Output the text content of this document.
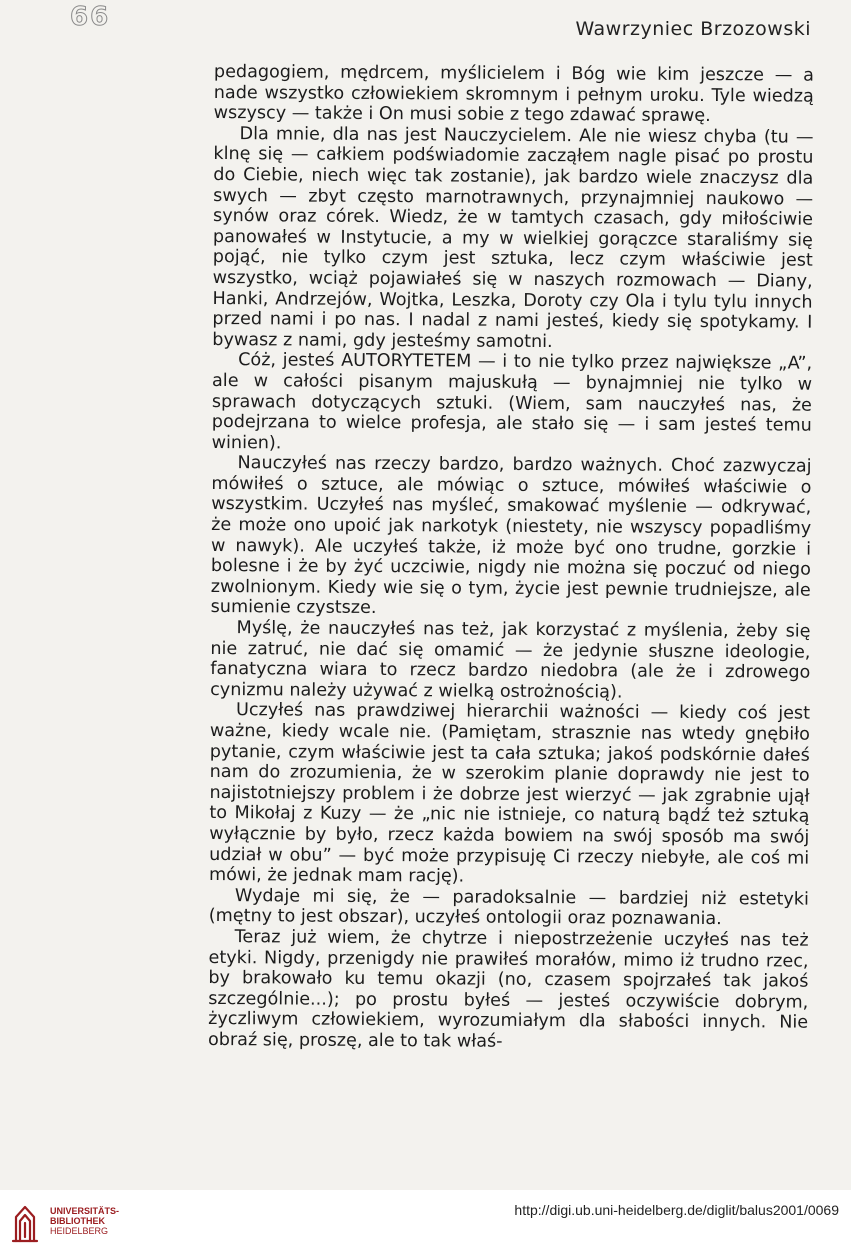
66	Wawrzyniec Brzozowski

pedagogiem, mędrcem, myślicielem i Bóg wie kim jeszcze — a nade wszystko człowiekiem skromnym i pełnym uroku. Tyle wiedzą wszyscy — także i On musi sobie z tego zdawać sprawę.

Dla mnie, dla nas jest Nauczycielem. Ale nie wiesz chyba (tu — klnę się — całkiem podświadomie zacząłem nagle pisać po prostu do Ciebie, niech więc tak zostanie), jak bardzo wiele znaczysz dla swych — zbyt często marnotrawnych, przynajmniej naukowo — synów oraz córek. Wiedz, że w tamtych czasach, gdy miłościwie panowałeś w Instytucie, a my w wielkiej gorączce staraliśmy się pojąć, nie tylko czym jest sztuka, lecz czym właściwie jest wszystko, wciąż pojawiałeś się w naszych rozmowach — Diany, Hanki, Andrzejów, Wojtka, Leszka, Doroty czy Ola i tylu tylu innych przed nami i po nas. I nadal z nami jesteś, kiedy się spotykamy. I bywasz z nami, gdy jesteśmy samotni.

Cóż, jesteś AUTORYTETEM — i to nie tylko przez największe „A”, ale w całości pisanym majuskułą — bynajmniej nie tylko w sprawach dotyczących sztuki. (Wiem, sam nauczyłeś nas, że podejrzana to wielce profesja, ale stało się — i sam jesteś temu winien).

Nauczyłeś nas rzeczy bardzo, bardzo ważnych. Choć zazwyczaj mówiłeś o sztuce, ale mówiąc o sztuce, mówiłeś właściwie o wszystkim. Uczyłeś nas myśleć, smakować myślenie — odkrywać, że może ono upoić jak narkotyk (niestety, nie wszyscy popadliśmy w nawyk). Ale uczyłeś także, iż może być ono trudne, gorzkie i bolesne i że by żyć uczciwie, nigdy nie można się poczuć od niego zwolnionym. Kiedy wie się o tym, życie jest pewnie trudniejsze, ale sumienie czystsze.

Myślę, że nauczyłeś nas też, jak korzystać z myślenia, żeby się nie zatruć, nie dać się omamić — że jedynie słuszne ideologie, fanatyczna wiara to rzecz bardzo niedobra (ale że i zdrowego cynizmu należy używać z wielką ostrożnością).

Uczyłeś nas prawdziwej hierarchii ważności — kiedy coś jest ważne, kiedy wcale nie. (Pamiętam, strasznie nas wtedy gnębiło pytanie, czym właściwie jest ta cała sztuka; jakoś podskórnie dałeś nam do zrozumienia, że w szerokim planie doprawdy nie jest to najistotniejszy problem i że dobrze jest wierzyć — jak zgrabnie ujął to Mikołaj z Kuzy — że „nic nie istnieje, co naturą bądź też sztuką wyłącznie by było, rzecz każda bowiem na swój sposób ma swój udział w obu” — być może przypisuję Ci rzeczy niebyłe, ale coś mi mówi, że jednak mam rację).

Wydaje mi się, że — paradoksalnie — bardziej niż estetyki (mętny to jest obszar), uczyłeś ontologii oraz poznawania.

Teraz już wiem, że chytrze i niepostrzeżenie uczyłeś nas też etyki. Nigdy, przenigdy nie prawiłeś morałów, mimo iż trudno rzec, by brakowało ku temu okazji (no, czasem spojrzałeś tak jakoś szczególnie...); po prostu byłeś — jesteś oczywiście dobrym, życzliwym człowiekiem, wyrozumiałym dla słabości innych. Nie obraź się, proszę, ale to tak właś-

UNIVERSITÄTS-
BIBLIOTHEK
HEIDELBERG
http://digi.ub.uni-heidelberg.de/diglit/balus2001/0069
